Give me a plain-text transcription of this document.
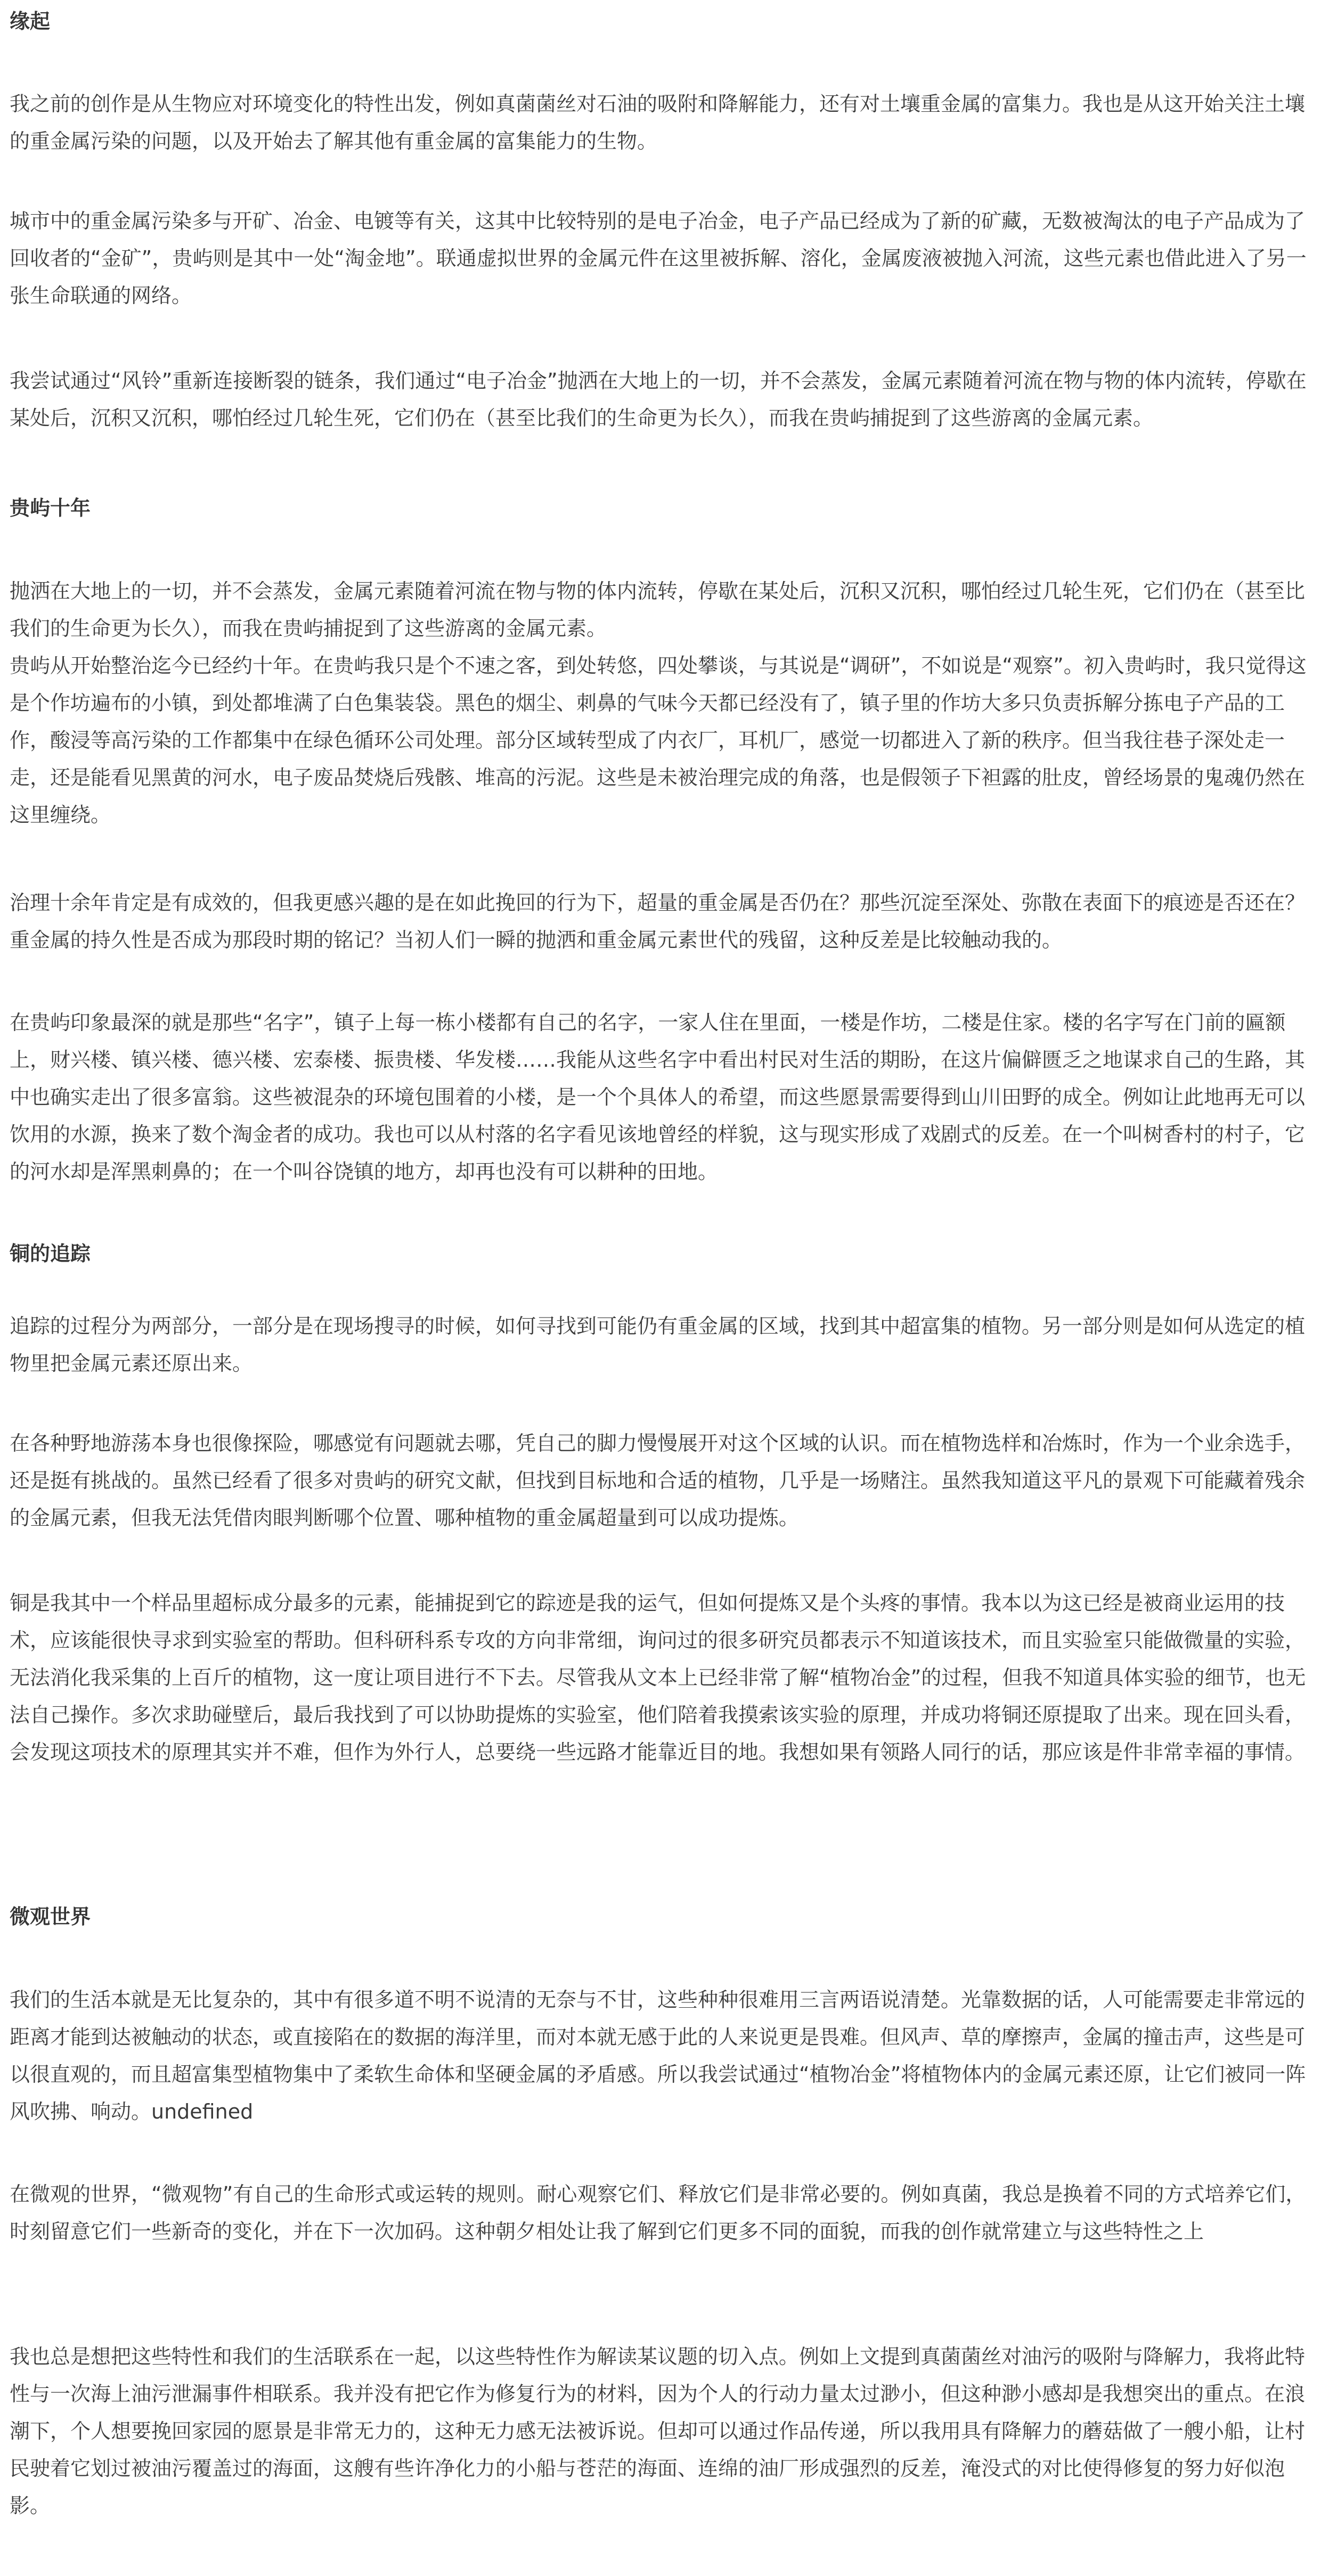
缘起

我之前的创作是从生物应对环境变化的特性出发，例如真菌菌丝对石油的吸附和降解能力，还有对土壤重金属的富集力。我也是从这开始关注土壤的重金属污染的问题，以及开始去了解其他有重金属的富集能力的生物。

城市中的重金属污染多与开矿、冶金、电镀等有关，这其中比较特别的是电子冶金，电子产品已经成为了新的矿藏，无数被淘汰的电子产品成为了回收者的“金矿”，贵屿则是其中一处“淘金地”。联通虚拟世界的金属元件在这里被拆解、溶化，金属废液被抛入河流，这些元素也借此进入了另一张生命联通的网络。

我尝试通过“风铃”重新连接断裂的链条，我们通过“电子冶金”抛洒在大地上的一切，并不会蒸发，金属元素随着河流在物与物的体内流转，停歇在某处后，沉积又沉积，哪怕经过几轮生死，它们仍在（甚至比我们的生命更为长久），而我在贵屿捕捉到了这些游离的金属元素。

贵屿十年

抛洒在大地上的一切，并不会蒸发，金属元素随着河流在物与物的体内流转，停歇在某处后，沉积又沉积，哪怕经过几轮生死，它们仍在（甚至比我们的生命更为长久），而我在贵屿捕捉到了这些游离的金属元素。

贵屿从开始整治迄今已经约十年。在贵屿我只是个不速之客，到处转悠，四处攀谈，与其说是“调研”，不如说是“观察”。初入贵屿时，我只觉得这是个作坊遍布的小镇，到处都堆满了白色集装袋。黑色的烟尘、刺鼻的气味今天都已经没有了，镇子里的作坊大多只负责拆解分拣电子产品的工作，酸浸等高污染的工作都集中在绿色循环公司处理。部分区域转型成了内衣厂，耳机厂，感觉一切都进入了新的秩序。但当我往巷子深处走一走，还是能看见黑黄的河水，电子废品焚烧后残骸、堆高的污泥。这些是未被治理完成的角落，也是假领子下袒露的肚皮，曾经场景的鬼魂仍然在这里缠绕。

治理十余年肯定是有成效的，但我更感兴趣的是在如此挽回的行为下，超量的重金属是否仍在？那些沉淀至深处、弥散在表面下的痕迹是否还在？重金属的持久性是否成为那段时期的铭记？当初人们一瞬的抛洒和重金属元素世代的残留，这种反差是比较触动我的。

在贵屿印象最深的就是那些“名字”，镇子上每一栋小楼都有自己的名字，一家人住在里面，一楼是作坊，二楼是住家。楼的名字写在门前的匾额上，财兴楼、镇兴楼、德兴楼、宏泰楼、振贵楼、华发楼……我能从这些名字中看出村民对生活的期盼，在这片偏僻匮乏之地谋求自己的生路，其中也确实走出了很多富翁。这些被混杂的环境包围着的小楼，是一个个具体人的希望，而这些愿景需要得到山川田野的成全。例如让此地再无可以饮用的水源，换来了数个淘金者的成功。我也可以从村落的名字看见该地曾经的样貌，这与现实形成了戏剧式的反差。在一个叫树香村的村子，它的河水却是浑黑刺鼻的；在一个叫谷饶镇的地方，却再也没有可以耕种的田地。

铜的追踪

追踪的过程分为两部分，一部分是在现场搜寻的时候，如何寻找到可能仍有重金属的区域，找到其中超富集的植物。另一部分则是如何从选定的植物里把金属元素还原出来。

在各种野地游荡本身也很像探险，哪感觉有问题就去哪，凭自己的脚力慢慢展开对这个区域的认识。而在植物选样和冶炼时，作为一个业余选手，还是挺有挑战的。虽然已经看了很多对贵屿的研究文献，但找到目标地和合适的植物，几乎是一场赌注。虽然我知道这平凡的景观下可能藏着残余的金属元素，但我无法凭借肉眼判断哪个位置、哪种植物的重金属超量到可以成功提炼。

铜是我其中一个样品里超标成分最多的元素，能捕捉到它的踪迹是我的运气，但如何提炼又是个头疼的事情。我本以为这已经是被商业运用的技术，应该能很快寻求到实验室的帮助。但科研科系专攻的方向非常细，询问过的很多研究员都表示不知道该技术，而且实验室只能做微量的实验，无法消化我采集的上百斤的植物，这一度让项目进行不下去。尽管我从文本上已经非常了解“植物冶金”的过程，但我不知道具体实验的细节，也无法自己操作。多次求助碰壁后，最后我找到了可以协助提炼的实验室，他们陪着我摸索该实验的原理，并成功将铜还原提取了出来。现在回头看，会发现这项技术的原理其实并不难，但作为外行人，总要绕一些远路才能靠近目的地。我想如果有领路人同行的话，那应该是件非常幸福的事情。

微观世界

我们的生活本就是无比复杂的，其中有很多道不明不说清的无奈与不甘，这些种种很难用三言两语说清楚。光靠数据的话，人可能需要走非常远的距离才能到达被触动的状态，或直接陷在的数据的海洋里，而对本就无感于此的人来说更是畏难。但风声、草的摩擦声，金属的撞击声，这些是可以很直观的，而且超富集型植物集中了柔软生命体和坚硬金属的矛盾感。所以我尝试通过“植物冶金”将植物体内的金属元素还原，让它们被同一阵风吹拂、响动。undefined

在微观的世界，“微观物”有自己的生命形式或运转的规则。耐心观察它们、释放它们是非常必要的。例如真菌，我总是换着不同的方式培养它们，时刻留意它们一些新奇的变化，并在下一次加码。这种朝夕相处让我了解到它们更多不同的面貌，而我的创作就常建立与这些特性之上

我也总是想把这些特性和我们的生活联系在一起，以这些特性作为解读某议题的切入点。例如上文提到真菌菌丝对油污的吸附与降解力，我将此特性与一次海上油污泄漏事件相联系。我并没有把它作为修复行为的材料，因为个人的行动力量太过渺小，但这种渺小感却是我想突出的重点。在浪潮下，个人想要挽回家园的愿景是非常无力的，这种无力感无法被诉说。但却可以通过作品传递，所以我用具有降解力的蘑菇做了一艘小船，让村民驶着它划过被油污覆盖过的海面，这艘有些许净化力的小船与苍茫的海面、连绵的油厂形成强烈的反差，淹没式的对比使得修复的努力好似泡影。
